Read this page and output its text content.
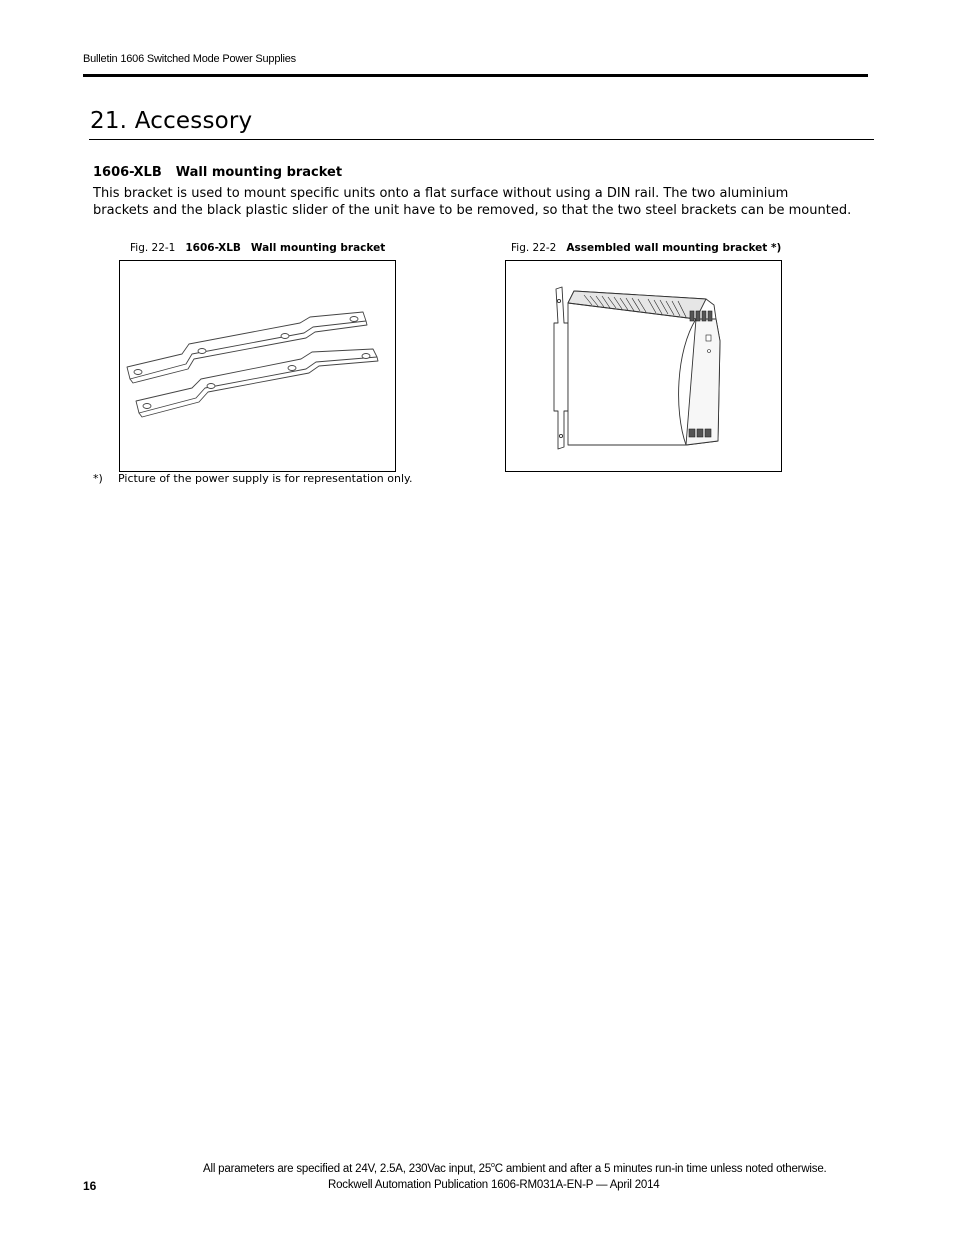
Bulletin 1606 Switched Mode Power Supplies
21. Accessory
1606-XLB Wall mounting bracket
This bracket is used to mount specific units onto a flat surface without using a DIN rail. The two aluminium
brackets and the black plastic slider of the unit have to be removed, so that the two steel brackets can be mounted.
Fig. 22-1 1606-XLB Wall mounting bracket
*) Picture of the power supply is for representation only.
Fig. 22-2 Assembled wall mounting bracket *)
All parameters are specified at 24V, 2.5A, 230Vac input, 25$^o$C ambient and after a 5 minutes run-in time unless noted otherwise.
16	Rockwell Automation Publication 1606-RM031A-EN-P — April 2014
